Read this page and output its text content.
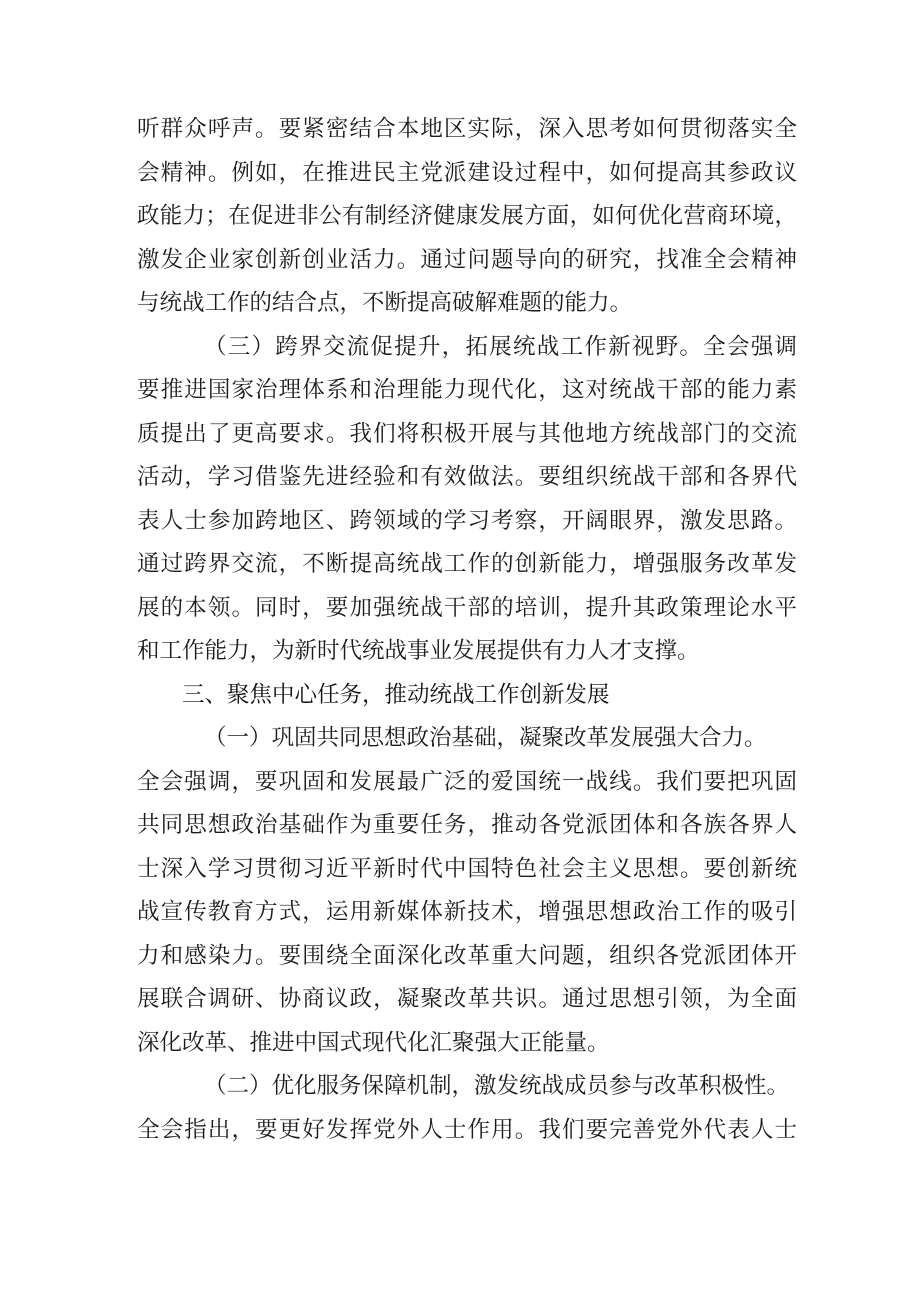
听群众呼声。要紧密结合本地区实际，深入思考如何贯彻落实全
会精神。例如，在推进民主党派建设过程中，如何提高其参政议
政能力；在促进非公有制经济健康发展方面，如何优化营商环境，
激发企业家创新创业活力。通过问题导向的研究，找准全会精神
与统战工作的结合点，不断提高破解难题的能力。
（三）跨界交流促提升，拓展统战工作新视野。全会强调
要推进国家治理体系和治理能力现代化，这对统战干部的能力素
质提出了更高要求。我们将积极开展与其他地方统战部门的交流
活动，学习借鉴先进经验和有效做法。要组织统战干部和各界代
表人士参加跨地区、跨领域的学习考察，开阔眼界，激发思路。
通过跨界交流，不断提高统战工作的创新能力，增强服务改革发
展的本领。同时，要加强统战干部的培训，提升其政策理论水平
和工作能力，为新时代统战事业发展提供有力人才支撑。
三、聚焦中心任务，推动统战工作创新发展
（一）巩固共同思想政治基础，凝聚改革发展强大合力。
全会强调，要巩固和发展最广泛的爱国统一战线。我们要把巩固
共同思想政治基础作为重要任务，推动各党派团体和各族各界人
士深入学习贯彻习近平新时代中国特色社会主义思想。要创新统
战宣传教育方式，运用新媒体新技术，增强思想政治工作的吸引
力和感染力。要围绕全面深化改革重大问题，组织各党派团体开
展联合调研、协商议政，凝聚改革共识。通过思想引领，为全面
深化改革、推进中国式现代化汇聚强大正能量。
（二）优化服务保障机制，激发统战成员参与改革积极性。
全会指出，要更好发挥党外人士作用。我们要完善党外代表人士
